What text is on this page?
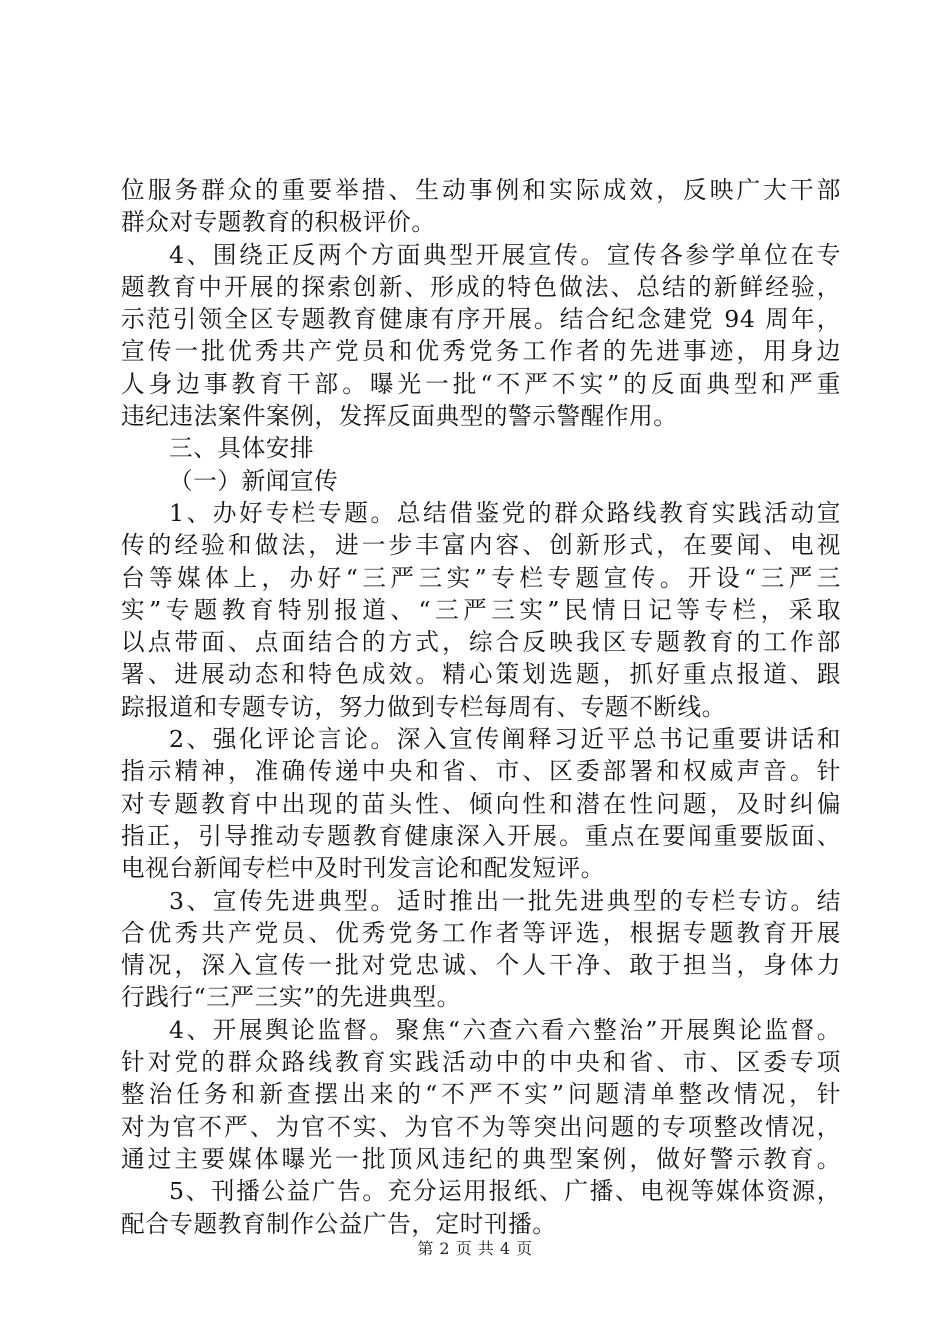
位服务群众的重要举措、生动事例和实际成效，反映广大干部
群众对专题教育的积极评价。
4、围绕正反两个方面典型开展宣传。宣传各参学单位在专
题教育中开展的探索创新、形成的特色做法、总结的新鲜经验，
示范引领全区专题教育健康有序开展。结合纪念建党 94 周年，
宣传一批优秀共产党员和优秀党务工作者的先进事迹，用身边
人身边事教育干部。曝光一批“不严不实”的反面典型和严重
违纪违法案件案例，发挥反面典型的警示警醒作用。
三、具体安排
（一）新闻宣传
1、办好专栏专题。总结借鉴党的群众路线教育实践活动宣
传的经验和做法，进一步丰富内容、创新形式，在要闻、电视
台等媒体上，办好“三严三实”专栏专题宣传。开设“三严三
实”专题教育特别报道、“三严三实”民情日记等专栏，采取
以点带面、点面结合的方式，综合反映我区专题教育的工作部
署、进展动态和特色成效。精心策划选题，抓好重点报道、跟
踪报道和专题专访，努力做到专栏每周有、专题不断线。
2、强化评论言论。深入宣传阐释习近平总书记重要讲话和
指示精神，准确传递中央和省、市、区委部署和权威声音。针
对专题教育中出现的苗头性、倾向性和潜在性问题，及时纠偏
指正，引导推动专题教育健康深入开展。重点在要闻重要版面、
电视台新闻专栏中及时刊发言论和配发短评。
3、宣传先进典型。适时推出一批先进典型的专栏专访。结
合优秀共产党员、优秀党务工作者等评选，根据专题教育开展
情况，深入宣传一批对党忠诚、个人干净、敢于担当，身体力
行践行“三严三实”的先进典型。
4、开展舆论监督。聚焦“六查六看六整治”开展舆论监督。
针对党的群众路线教育实践活动中的中央和省、市、区委专项
整治任务和新查摆出来的“不严不实”问题清单整改情况，针
对为官不严、为官不实、为官不为等突出问题的专项整改情况，
通过主要媒体曝光一批顶风违纪的典型案例，做好警示教育。
5、刊播公益广告。充分运用报纸、广播、电视等媒体资源，
配合专题教育制作公益广告，定时刊播。
第 2 页 共 4 页
